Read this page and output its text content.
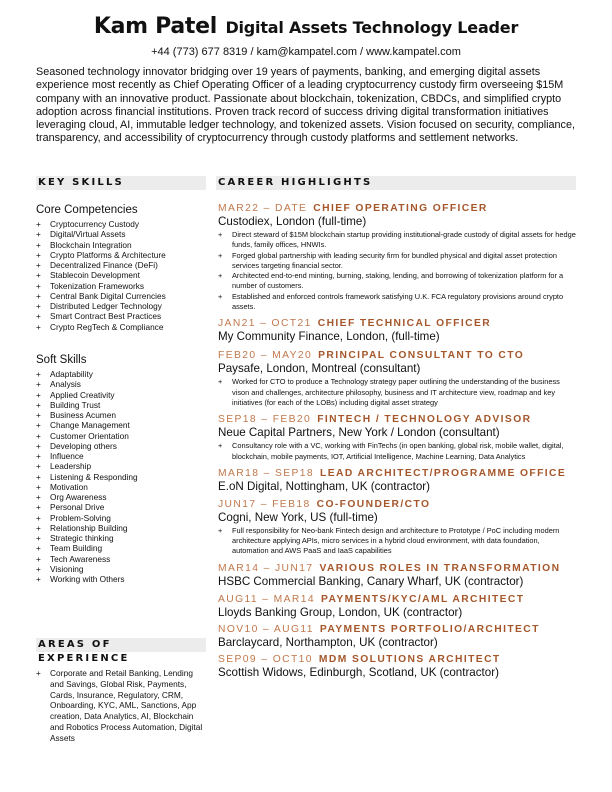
Kam Patel Digital Assets Technology Leader
+44 (773) 677 8319 / kam@kampatel.com / www.kampatel.com

Seasoned technology innovator bridging over 19 years of payments, banking, and emerging digital assets experience most recently as Chief Operating Officer of a leading cryptocurrency custody firm overseeing $15M company with an innovative product. Passionate about blockchain, tokenization, CBDCs, and simplified crypto adoption across financial institutions. Proven track record of success driving digital transformation initiatives leveraging cloud, AI, immutable ledger technology, and tokenized assets. Vision focused on security, compliance, transparency, and accessibility of cryptocurrency through custody platforms and settlement networks.

KEY SKILLS	CAREER HIGHLIGHTS
AREAS OF EXPERIENCE
Core Competencies
+ Cryptocurrency Custody
+ Digital/Virtual Assets
+ Blockchain Integration
+ Crypto Platforms & Architecture
+ Decentralized Finance (DeFi)
+ Stablecoin Development
+ Tokenization Frameworks
+ Central Bank Digital Currencies
+ Distributed Ledger Technology
+ Smart Contract Best Practices
+ Crypto RegTech & Compliance
Soft Skills
+ Adaptability
+ Analysis
+ Applied Creativity
+ Building Trust
+ Business Acumen
+ Change Management
+ Customer Orientation
+ Developing others
+ Influence
+ Leadership
+ Listening & Responding
+ Motivation
+ Org Awareness
+ Personal Drive
+ Problem-Solving
+ Relationship Building
+ Strategic thinking
+ Team Building
+ Tech Awareness
+ Visioning
+ Working with Others
+	Corporate and Retail Banking, Lending and Savings, Global Risk, Payments, Cards, Insurance, Regulatory, CRM, Onboarding, KYC, AML, Sanctions, App creation, Data Analytics, AI, Blockchain and Robotics Process Automation, Digital Assets
MAR22 – DATE CHIEF OPERATING OFFICER
Custodiex, London (full-time)
+ Direct steward of $15M blockchain startup providing institutional-grade custody of digital assets for hedge funds, family offices, HNWIs.
+ Forged global partnership with leading security firm for bundled physical and digital asset protection services targeting financial sector.
+ Architected end-to-end minting, burning, staking, lending, and borrowing of tokenization platform for a number of customers.
+ Established and enforced controls framework satisfying U.K. FCA regulatory provisions around crypto assets.
JAN21 – OCT21 CHIEF TECHNICAL OFFICER
My Community Finance, London, (full-time)
FEB20 – MAY20 PRINCIPAL CONSULTANT TO CTO
Paysafe, London, Montreal (consultant)
+ Worked for CTO to produce a Technology strategy paper outlining the understanding of the business vison and challenges, architecture philosophy, business and IT architecture view, roadmap and key initiatives (for each of the LOBs) including digital asset strategy
SEP18 – FEB20 FINTECH / TECHNOLOGY ADVISOR
Neue Capital Partners, New York / London (consultant)
+ Consultancy role with a VC, working with FinTechs (in open banking, global risk, mobile wallet, digital, blockchain, mobile payments, IOT, Artificial Intelligence, Machine Learning, Data Analytics
MAR18 – SEP18 LEAD ARCHITECT/PROGRAMME OFFICE
E.oN Digital, Nottingham, UK (contractor)
JUN17 – FEB18 CO-FOUNDER/CTO
Cogni, New York, US (full-time)
+ Full responsibility for Neo-bank Fintech design and architecture to Prototype / PoC including modern architecture applying APIs, micro services in a hybrid cloud environment, with data foundation, automation and AWS PaaS and IaaS capabilities
MAR14 – JUN17 VARIOUS ROLES IN TRANSFORMATION
HSBC Commercial Banking, Canary Wharf, UK (contractor)
AUG11 – MAR14 PAYMENTS/KYC/AML ARCHITECT
Lloyds Banking Group, London, UK (contractor)
NOV10 – AUG11 PAYMENTS PORTFOLIO/ARCHITECT
Barclaycard, Northampton, UK (contractor)
SEP09 – OCT10 MDM SOLUTIONS ARCHITECT
Scottish Widows, Edinburgh, Scotland, UK (contractor)
